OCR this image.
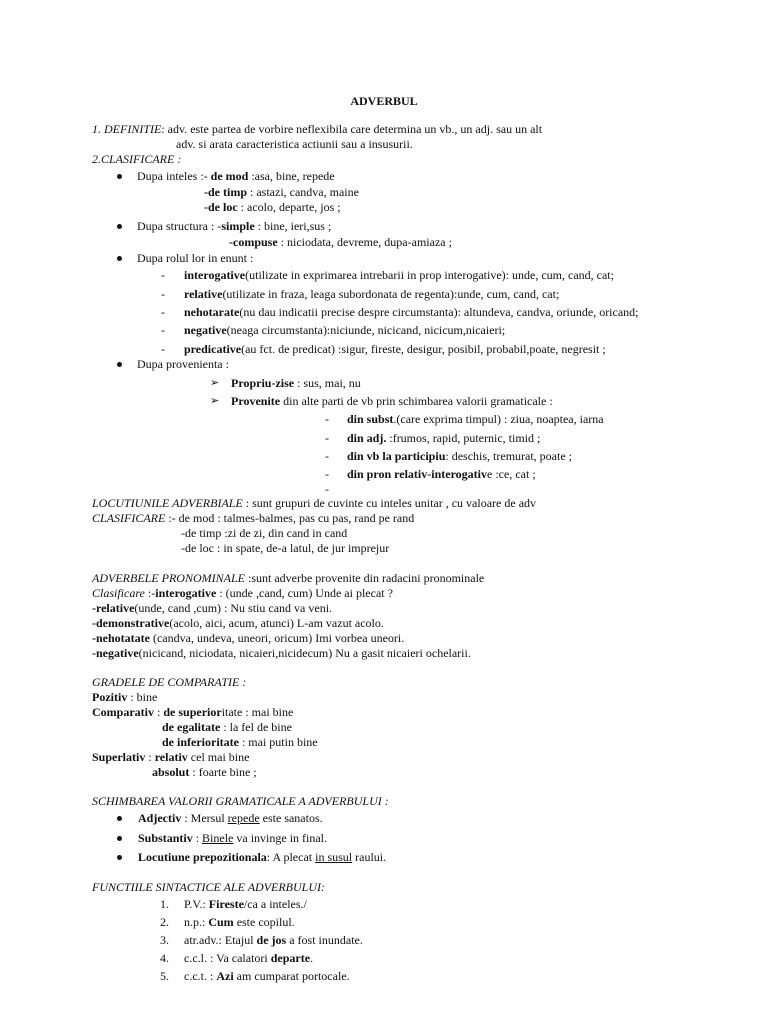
ADVERBUL
1. DEFINITIE: adv. este partea de vorbire neflexibila care determina un vb., un adj. sau un alt
adv. si arata caracteristica actiunii sau a insusurii.
2.CLASIFICARE :
Dupa inteles :- de mod :asa, bine, repede
-de timp : astazi, candva, maine
-de loc : acolo, departe, jos ;
Dupa structura : -simple : bine, ieri,sus ;
-compuse : niciodata, devreme, dupa-amiaza ;
Dupa rolul lor in enunt :
- interogative(utilizate in exprimarea intrebarii in prop interogative): unde, cum, cand, cat;
- relative(utilizate in fraza, leaga subordonata de regenta):unde, cum, cand, cat;
- nehotarate(nu dau indicatii precise despre circumstanta): altundeva, candva, oriunde, oricand;
- negative(neaga circumstanta):niciunde, nicicand, nicicum,nicaieri;
- predicative(au fct. de predicat) :sigur, fireste, desigur, posibil, probabil,poate, negresit ;
Dupa provenienta :
➢ Propriu-zise : sus, mai, nu
➢ Provenite din alte parti de vb prin schimbarea valorii gramaticale :
- din subst.(care exprima timpul) : ziua, noaptea, iarna
- din adj. :frumos, rapid, puternic, timid ;
- din vb la participiu: deschis, tremurat, poate ;
- din pron relativ-interogative :ce, cat ;
-
LOCUTIUNILE ADVERBIALE : sunt grupuri de cuvinte cu inteles unitar , cu valoare de adv
CLASIFICARE :- de mod : talmes-balmes, pas cu pas, rand pe rand
-de timp :zi de zi, din cand in cand
-de loc : in spate, de-a latul, de jur imprejur
ADVERBELE PRONOMINALE :sunt adverbe provenite din radacini pronominale
Clasificare :-interogative : (unde ,cand, cum) Unde ai plecat ?
-relative(unde, cand ,cum) : Nu stiu cand va veni.
-demonstrative(acolo, aici, acum, atunci) L-am vazut acolo.
-nehotatate (candva, undeva, uneori, oricum) Imi vorbea uneori.
-negative(nicicand, niciodata, nicaieri,nicidecum) Nu a gasit nicaieri ochelarii.
GRADELE DE COMPARATIE :
Pozitiv : bine
Comparativ : de superioritate : mai bine
de egalitate : la fel de bine
de inferioritate : mai putin bine
Superlativ : relativ cel mai bine
absolut : foarte bine ;
SCHIMBAREA VALORII GRAMATICALE A ADVERBULUI :
Adjectiv : Mersul repede este sanatos.
Substantiv : Binele va invinge in final.
Locutiune prepozitionala: A plecat in susul raului.
FUNCTIILE SINTACTICE ALE ADVERBULUI:
1. P.V.: Fireste/ca a inteles./
2. n.p.: Cum este copilul.
3. atr.adv.: Etajul de jos a fost inundate.
4. c.c.l. : Va calatori departe.
5. c.c.t. : Azi am cumparat portocale.
